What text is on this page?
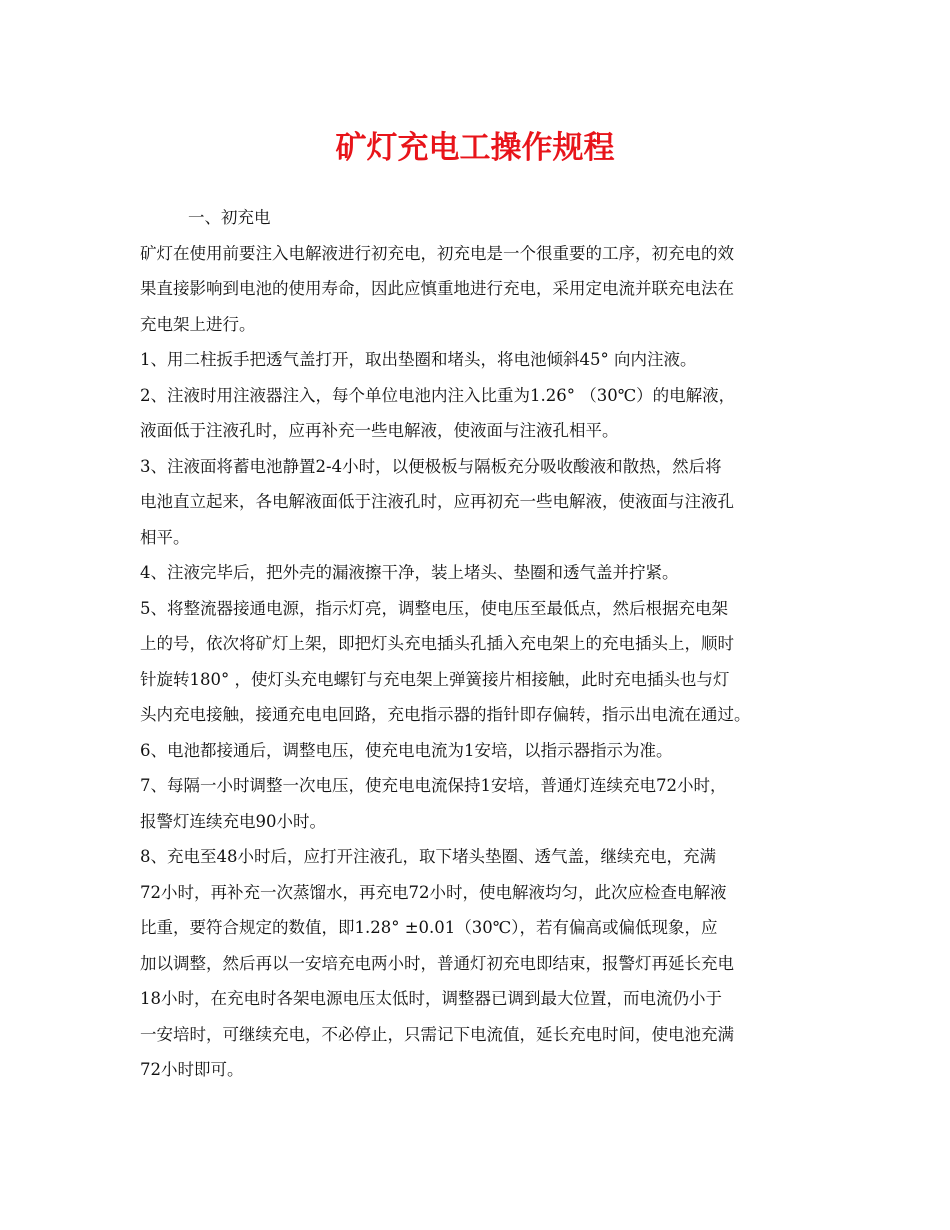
矿灯充电工操作规程
一、初充电
矿灯在使用前要注入电解液进行初充电，初充电是一个很重要的工序，初充电的效
果直接影响到电池的使用寿命，因此应慎重地进行充电，采用定电流并联充电法在
充电架上进行。
1、用二柱扳手把透气盖打开，取出垫圈和堵头，将电池倾斜45° 向内注液。
2、注液时用注液器注入，每个单位电池内注入比重为1.26° （30℃）的电解液，
液面低于注液孔时，应再补充一些电解液，使液面与注液孔相平。
3、注液面将蓄电池静置2-4小时，以便极板与隔板充分吸收酸液和散热，然后将
电池直立起来，各电解液面低于注液孔时，应再初充一些电解液，使液面与注液孔
相平。
4、注液完毕后，把外壳的漏液擦干净，装上堵头、垫圈和透气盖并拧紧。
5、将整流器接通电源，指示灯亮，调整电压，使电压至最低点，然后根据充电架
上的号，依次将矿灯上架，即把灯头充电插头孔插入充电架上的充电插头上，顺时
针旋转180° ，使灯头充电螺钉与充电架上弹簧接片相接触，此时充电插头也与灯
头内充电接触，接通充电电回路，充电指示器的指针即存偏转，指示出电流在通过。
6、电池都接通后，调整电压，使充电电流为1安培，以指示器指示为准。
7、每隔一小时调整一次电压，使充电电流保持1安培，普通灯连续充电72小时，
报警灯连续充电90小时。
8、充电至48小时后，应打开注液孔，取下堵头垫圈、透气盖，继续充电，充满
72小时，再补充一次蒸馏水，再充电72小时，使电解液均匀，此次应检查电解液
比重，要符合规定的数值，即1.28° ±0.01（30℃），若有偏高或偏低现象，应
加以调整，然后再以一安培充电两小时，普通灯初充电即结束，报警灯再延长充电
18小时，在充电时各架电源电压太低时，调整器已调到最大位置，而电流仍小于
一安培时，可继续充电，不必停止，只需记下电流值，延长充电时间，使电池充满
72小时即可。
